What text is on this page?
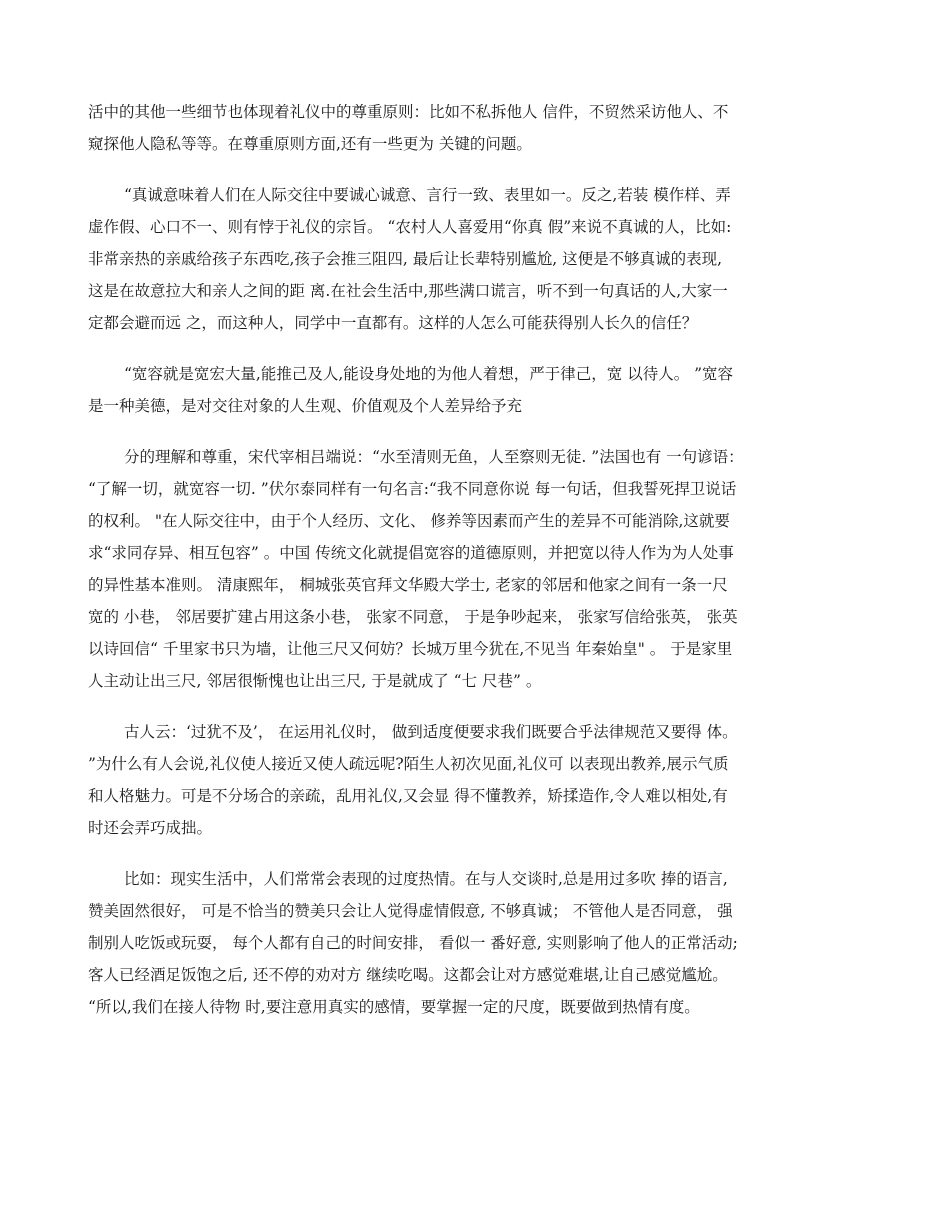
活中的其他一些细节也体现着礼仪中的尊重原则：比如不私拆他人 信件，不贸然采访他人、不
窥探他人隐私等等。在尊重原则方面,还有一些更为 关键的问题。
“真诚意味着人们在人际交往中要诚心诚意、言行一致、表里如一。反之,若装 模作样、弄
虚作假、心口不一、则有悖于礼仪的宗旨。 “农村人人喜爱用“你真 假”来说不真诚的人，比如:
非常亲热的亲戚给孩子东西吃,孩子会推三阻四, 最后让长辈特别尴尬, 这便是不够真诚的表现,
这是在故意拉大和亲人之间的距 离.在社会生活中,那些满口谎言，听不到一句真话的人,大家一
定都会避而远 之，而这种人，同学中一直都有。这样的人怎么可能获得别人长久的信任？
“宽容就是宽宏大量,能推己及人,能设身处地的为他人着想，严于律己，宽 以待人。 ”宽容
是一种美德，是对交往对象的人生观、价值观及个人差异给予充
分的理解和尊重，宋代宰相吕端说：“水至清则无鱼，人至察则无徒. ”法国也有 一句谚语：
“了解一切，就宽容一切. ”伏尔泰同样有一句名言:“我不同意你说 每一句话，但我誓死捍卫说话
的权利。 "在人际交往中，由于个人经历、文化、 修养等因素而产生的差异不可能消除,这就要
求“求同存异、相互包容” 。中国 传统文化就提倡宽容的道德原则，并把宽以待人作为为人处事
的异性基本准则。 清康熙年， 桐城张英官拜文华殿大学士, 老家的邻居和他家之间有一条一尺
宽的 小巷， 邻居要扩建占用这条小巷， 张家不同意， 于是争吵起来， 张家写信给张英， 张英
以诗回信“ 千里家书只为墙，让他三尺又何妨？长城万里今犹在,不见当 年秦始皇" 。 于是家里
人主动让出三尺, 邻居很惭愧也让出三尺, 于是就成了 “七 尺巷” 。
古人云：‘过犹不及’， 在运用礼仪时， 做到适度便要求我们既要合乎法律规范又要得 体。
”为什么有人会说,礼仪使人接近又使人疏远呢?陌生人初次见面,礼仪可 以表现出教养,展示气质
和人格魅力。可是不分场合的亲疏，乱用礼仪,又会显 得不懂教养，矫揉造作,令人难以相处,有
时还会弄巧成拙。
比如：现实生活中，人们常常会表现的过度热情。在与人交谈时,总是用过多吹 捧的语言,
赞美固然很好， 可是不恰当的赞美只会让人觉得虚情假意, 不够真诚； 不管他人是否同意， 强
制别人吃饭或玩耍， 每个人都有自己的时间安排， 看似一 番好意, 实则影响了他人的正常活动;
客人已经酒足饭饱之后, 还不停的劝对方 继续吃喝。这都会让对方感觉难堪,让自己感觉尴尬。
“所以,我们在接人待物 时,要注意用真实的感情，要掌握一定的尺度，既要做到热情有度。
